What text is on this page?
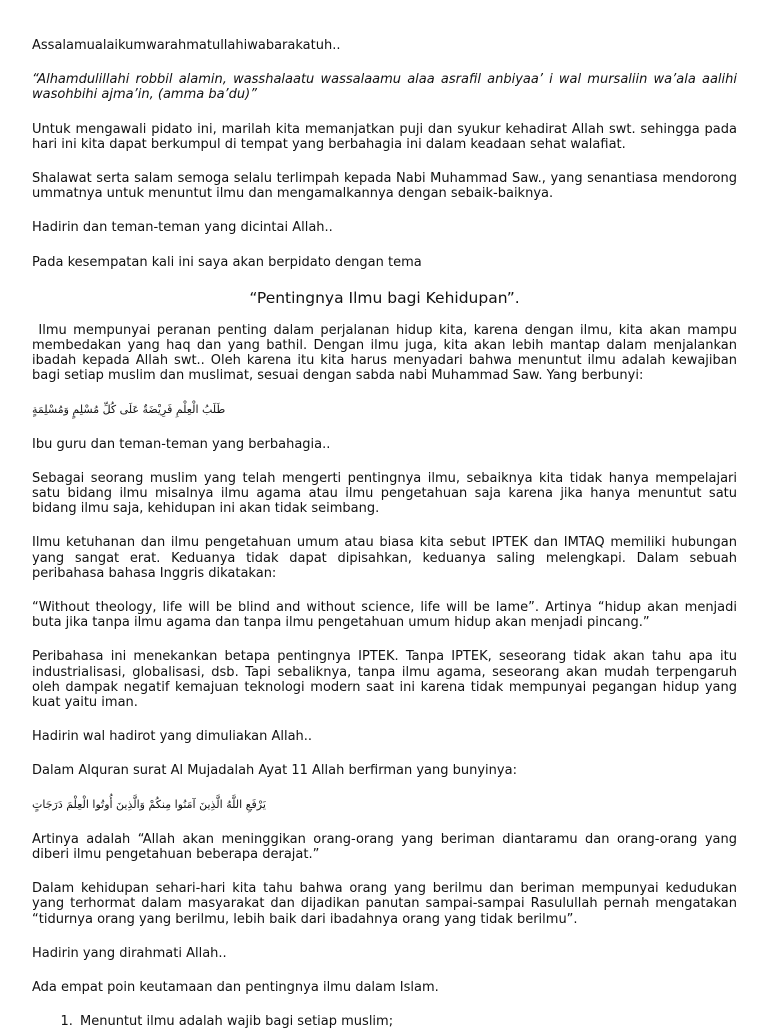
Assalamualaikumwarahmatullahiwabarakatuh..

“Alhamdulillahi robbil alamin, wasshalaatu wassalaamu alaa asrafil anbiyaa’ i wal mursaliin wa’ala aalihi wasohbihi ajma’in, (amma ba’du)”

Untuk mengawali pidato ini, marilah kita memanjatkan puji dan syukur kehadirat Allah swt. sehingga pada hari ini kita dapat berkumpul di tempat yang berbahagia ini dalam keadaan sehat walafiat.

Shalawat serta salam semoga selalu terlimpah kepada Nabi Muhammad Saw., yang senantiasa mendorong ummatnya untuk menuntut ilmu dan mengamalkannya dengan sebaik-baiknya.

Hadirin dan teman-teman yang dicintai Allah..

Pada kesempatan kali ini saya akan berpidato dengan tema

“Pentingnya Ilmu bagi Kehidupan”.

Ilmu mempunyai peranan penting dalam perjalanan hidup kita, karena dengan ilmu, kita akan mampu membedakan yang haq dan yang bathil. Dengan ilmu juga, kita akan lebih mantap dalam menjalankan ibadah kepada Allah swt.. Oleh karena itu kita harus menyadari bahwa menuntut ilmu adalah kewajiban bagi setiap muslim dan muslimat, sesuai dengan sabda nabi Muhammad Saw. Yang berbunyi:

طَلَبُ الْعِلْمِ فَرِيْضَةٌ عَلَى كُلِّ مُسْلِمٍ وَمُسْلِمَةٍ

Ibu guru dan teman-teman yang berbahagia..

Sebagai seorang muslim yang telah mengerti pentingnya ilmu, sebaiknya kita tidak hanya mempelajari satu bidang ilmu misalnya ilmu agama atau ilmu pengetahuan saja karena jika hanya menuntut satu bidang ilmu saja, kehidupan ini akan tidak seimbang.

Ilmu ketuhanan dan ilmu pengetahuan umum atau biasa kita sebut IPTEK dan IMTAQ memiliki hubungan yang sangat erat. Keduanya tidak dapat dipisahkan, keduanya saling melengkapi. Dalam sebuah peribahasa bahasa Inggris dikatakan:

“Without theology, life will be blind and without science, life will be lame”. Artinya “hidup akan menjadi buta jika tanpa ilmu agama dan tanpa ilmu pengetahuan umum hidup akan menjadi pincang.”

Peribahasa ini menekankan betapa pentingnya IPTEK. Tanpa IPTEK, seseorang tidak akan tahu apa itu industrialisasi, globalisasi, dsb. Tapi sebaliknya, tanpa ilmu agama, seseorang akan mudah terpengaruh oleh dampak negatif kemajuan teknologi modern saat ini karena tidak mempunyai pegangan hidup yang kuat yaitu iman.

Hadirin wal hadirot yang dimuliakan Allah..

Dalam Alquran surat Al Mujadalah Ayat 11 Allah berfirman yang bunyinya:

يَرْفَعِ اللَّهُ الَّذِينَ آمَنُوا مِنكُمْ وَالَّذِينَ أُوتُوا الْعِلْمَ دَرَجَاتٍ

Artinya adalah “Allah akan meninggikan orang-orang yang beriman diantaramu dan orang-orang yang diberi ilmu pengetahuan beberapa derajat.”

Dalam kehidupan sehari-hari kita tahu bahwa orang yang berilmu dan beriman mempunyai kedudukan yang terhormat dalam masyarakat dan dijadikan panutan sampai-sampai Rasulullah pernah mengatakan “tidurnya orang yang berilmu, lebih baik dari ibadahnya orang yang tidak berilmu”.

Hadirin yang dirahmati Allah..

Ada empat poin keutamaan dan pentingnya ilmu dalam Islam.

1. Menuntut ilmu adalah wajib bagi setiap muslim;
